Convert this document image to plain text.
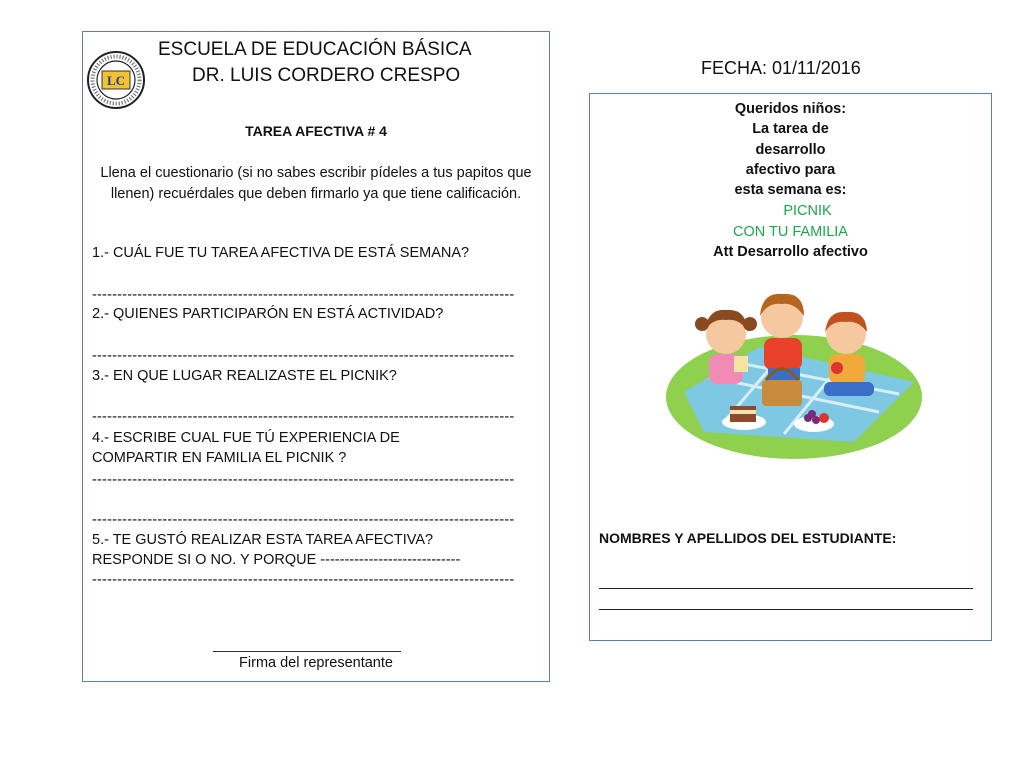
LC
ESCUELA DE EDUCACIÓN BÁSICA
DR. LUIS CORDERO CRESPO
TAREA AFECTIVA # 4
Llena el cuestionario (si no sabes escribir pídeles a tus papitos que llenen) recuérdales que deben firmarlo ya que tiene calificación.
1.- CUÁL FUE TU TAREA AFECTIVA DE ESTÁ SEMANA?
------------------------------------------------------------------------------------
2.- QUIENES PARTICIPARÓN EN ESTÁ ACTIVIDAD?
------------------------------------------------------------------------------------
3.- EN QUE LUGAR REALIZASTE EL PICNIK?
------------------------------------------------------------------------------------
4.- ESCRIBE CUAL FUE TÚ EXPERIENCIA DE
COMPARTIR EN FAMILIA EL PICNIK ?
------------------------------------------------------------------------------------
------------------------------------------------------------------------------------
5.- TE GUSTÓ REALIZAR ESTA TAREA AFECTIVA?
RESPONDE SI O NO. Y PORQUE -----------------------------
------------------------------------------------------------------------------------
Firma del representante
FECHA: 01/11/2016
Queridos niños:
La tarea de
desarrollo
afectivo para
esta semana es:
PICNIK
CON TU FAMILIA
Att Desarrollo afectivo
NOMBRES Y APELLIDOS DEL ESTUDIANTE:
